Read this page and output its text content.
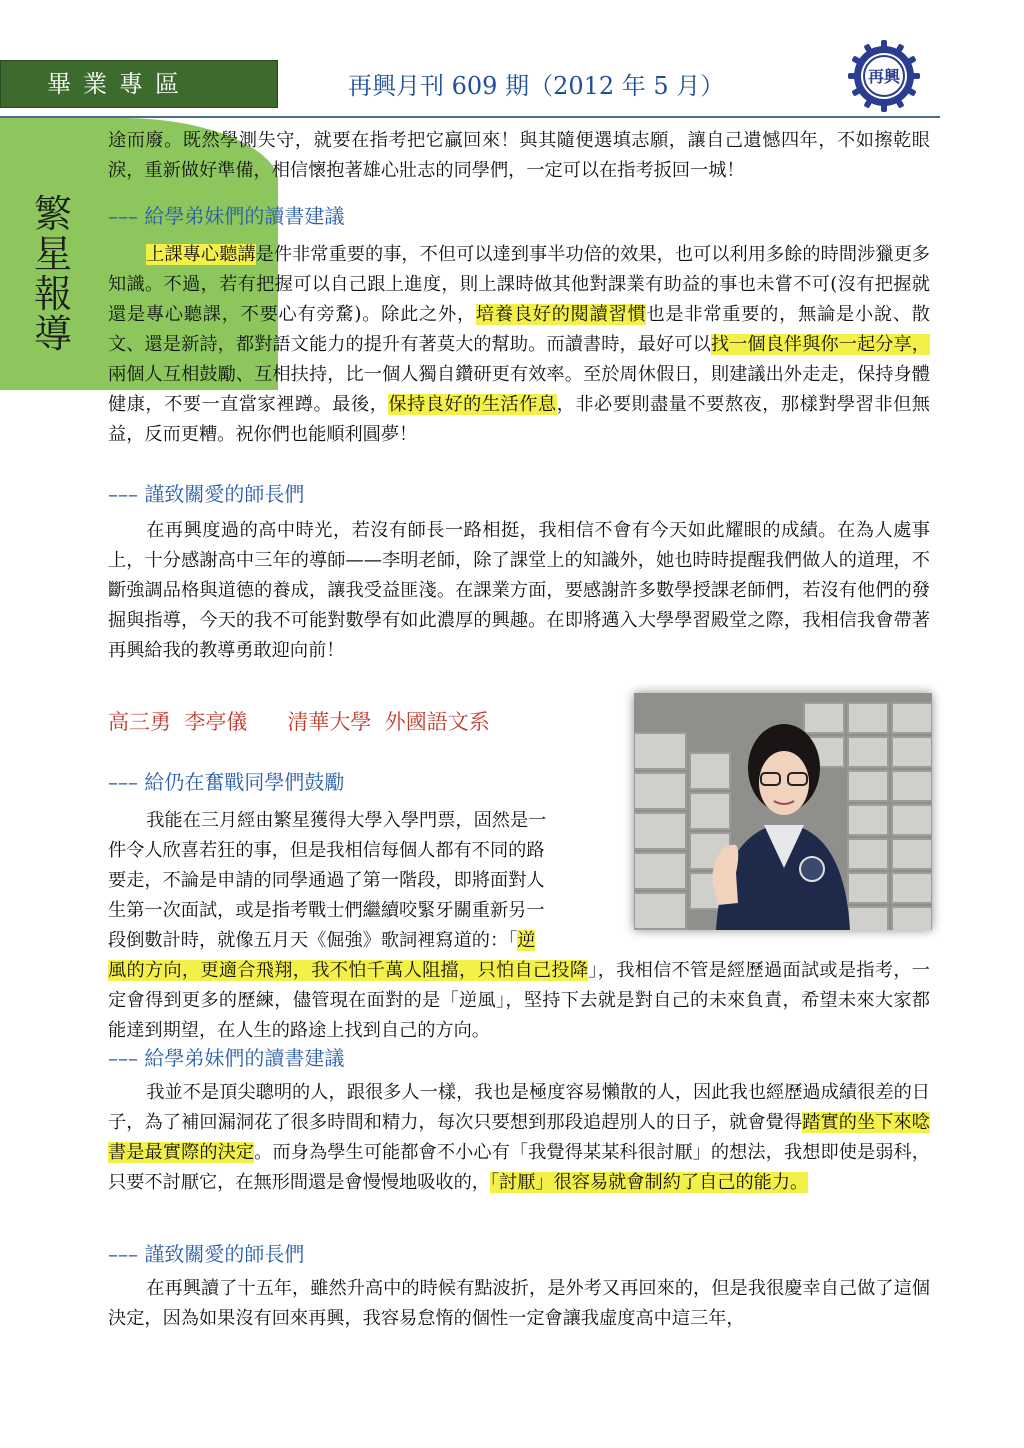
畢業專區	再興月刊 609 期（2012 年 5 月）	再興
繁星報導

途而廢。既然學測失守，就要在指考把它贏回來！與其隨便選填志願，讓自己遺憾四年，不如擦乾眼淚，重新做好準備，相信懷抱著雄心壯志的同學們，一定可以在指考扳回一城！

––– 給學弟妹們的讀書建議

上課專心聽講是件非常重要的事，不但可以達到事半功倍的效果，也可以利用多餘的時間涉獵更多知識。不過，若有把握可以自己跟上進度，則上課時做其他對課業有助益的事也未嘗不可(沒有把握就還是專心聽課，不要心有旁騖)。除此之外，培養良好的閱讀習慣也是非常重要的，無論是小說、散文、還是新詩，都對語文能力的提升有著莫大的幫助。而讀書時，最好可以找一個良伴與你一起分享，兩個人互相鼓勵、互相扶持，比一個人獨自鑽研更有效率。至於周休假日，則建議出外走走，保持身體健康，不要一直當家裡蹲。最後，保持良好的生活作息，非必要則盡量不要熬夜，那樣對學習非但無益，反而更糟。祝你們也能順利圓夢！

––– 謹致關愛的師長們

在再興度過的高中時光，若沒有師長一路相挺，我相信不會有今天如此耀眼的成績。在為人處事上，十分感謝高中三年的導師——李明老師，除了課堂上的知識外，她也時時提醒我們做人的道理，不斷強調品格與道德的養成，讓我受益匪淺。在課業方面，要感謝許多數學授課老師們，若沒有他們的發掘與指導，今天的我不可能對數學有如此濃厚的興趣。在即將邁入大學學習殿堂之際，我相信我會帶著再興給我的教導勇敢迎向前！

高三勇  李亭儀 清華大學  外國語文系
––– 給仍在奮戰同學們鼓勵
我能在三月經由繁星獲得大學入學門票，固然是一
件令人欣喜若狂的事，但是我相信每個人都有不同的路
要走，不論是申請的同學通過了第一階段，即將面對人
生第一次面試，或是指考戰士們繼續咬緊牙關重新另一
段倒數計時，就像五月天《倔強》歌詞裡寫道的：「逆

風的方向，更適合飛翔，我不怕千萬人阻擋，只怕自己投降」，我相信不管是經歷過面試或是指考，一定會得到更多的歷練，儘管現在面對的是「逆風」，堅持下去就是對自己的未來負責，希望未來大家都能達到期望，在人生的路途上找到自己的方向。

––– 給學弟妹們的讀書建議

我並不是頂尖聰明的人，跟很多人一樣，我也是極度容易懶散的人，因此我也經歷過成績很差的日子，為了補回漏洞花了很多時間和精力，每次只要想到那段追趕別人的日子，就會覺得踏實的坐下來唸書是最實際的決定。而身為學生可能都會不小心有「我覺得某某科很討厭」的想法，我想即使是弱科，只要不討厭它，在無形間還是會慢慢地吸收的，「討厭」很容易就會制約了自己的能力。

––– 謹致關愛的師長們

在再興讀了十五年，雖然升高中的時候有點波折，是外考又再回來的，但是我很慶幸自己做了這個決定，因為如果沒有回來再興，我容易怠惰的個性一定會讓我虛度高中這三年，
